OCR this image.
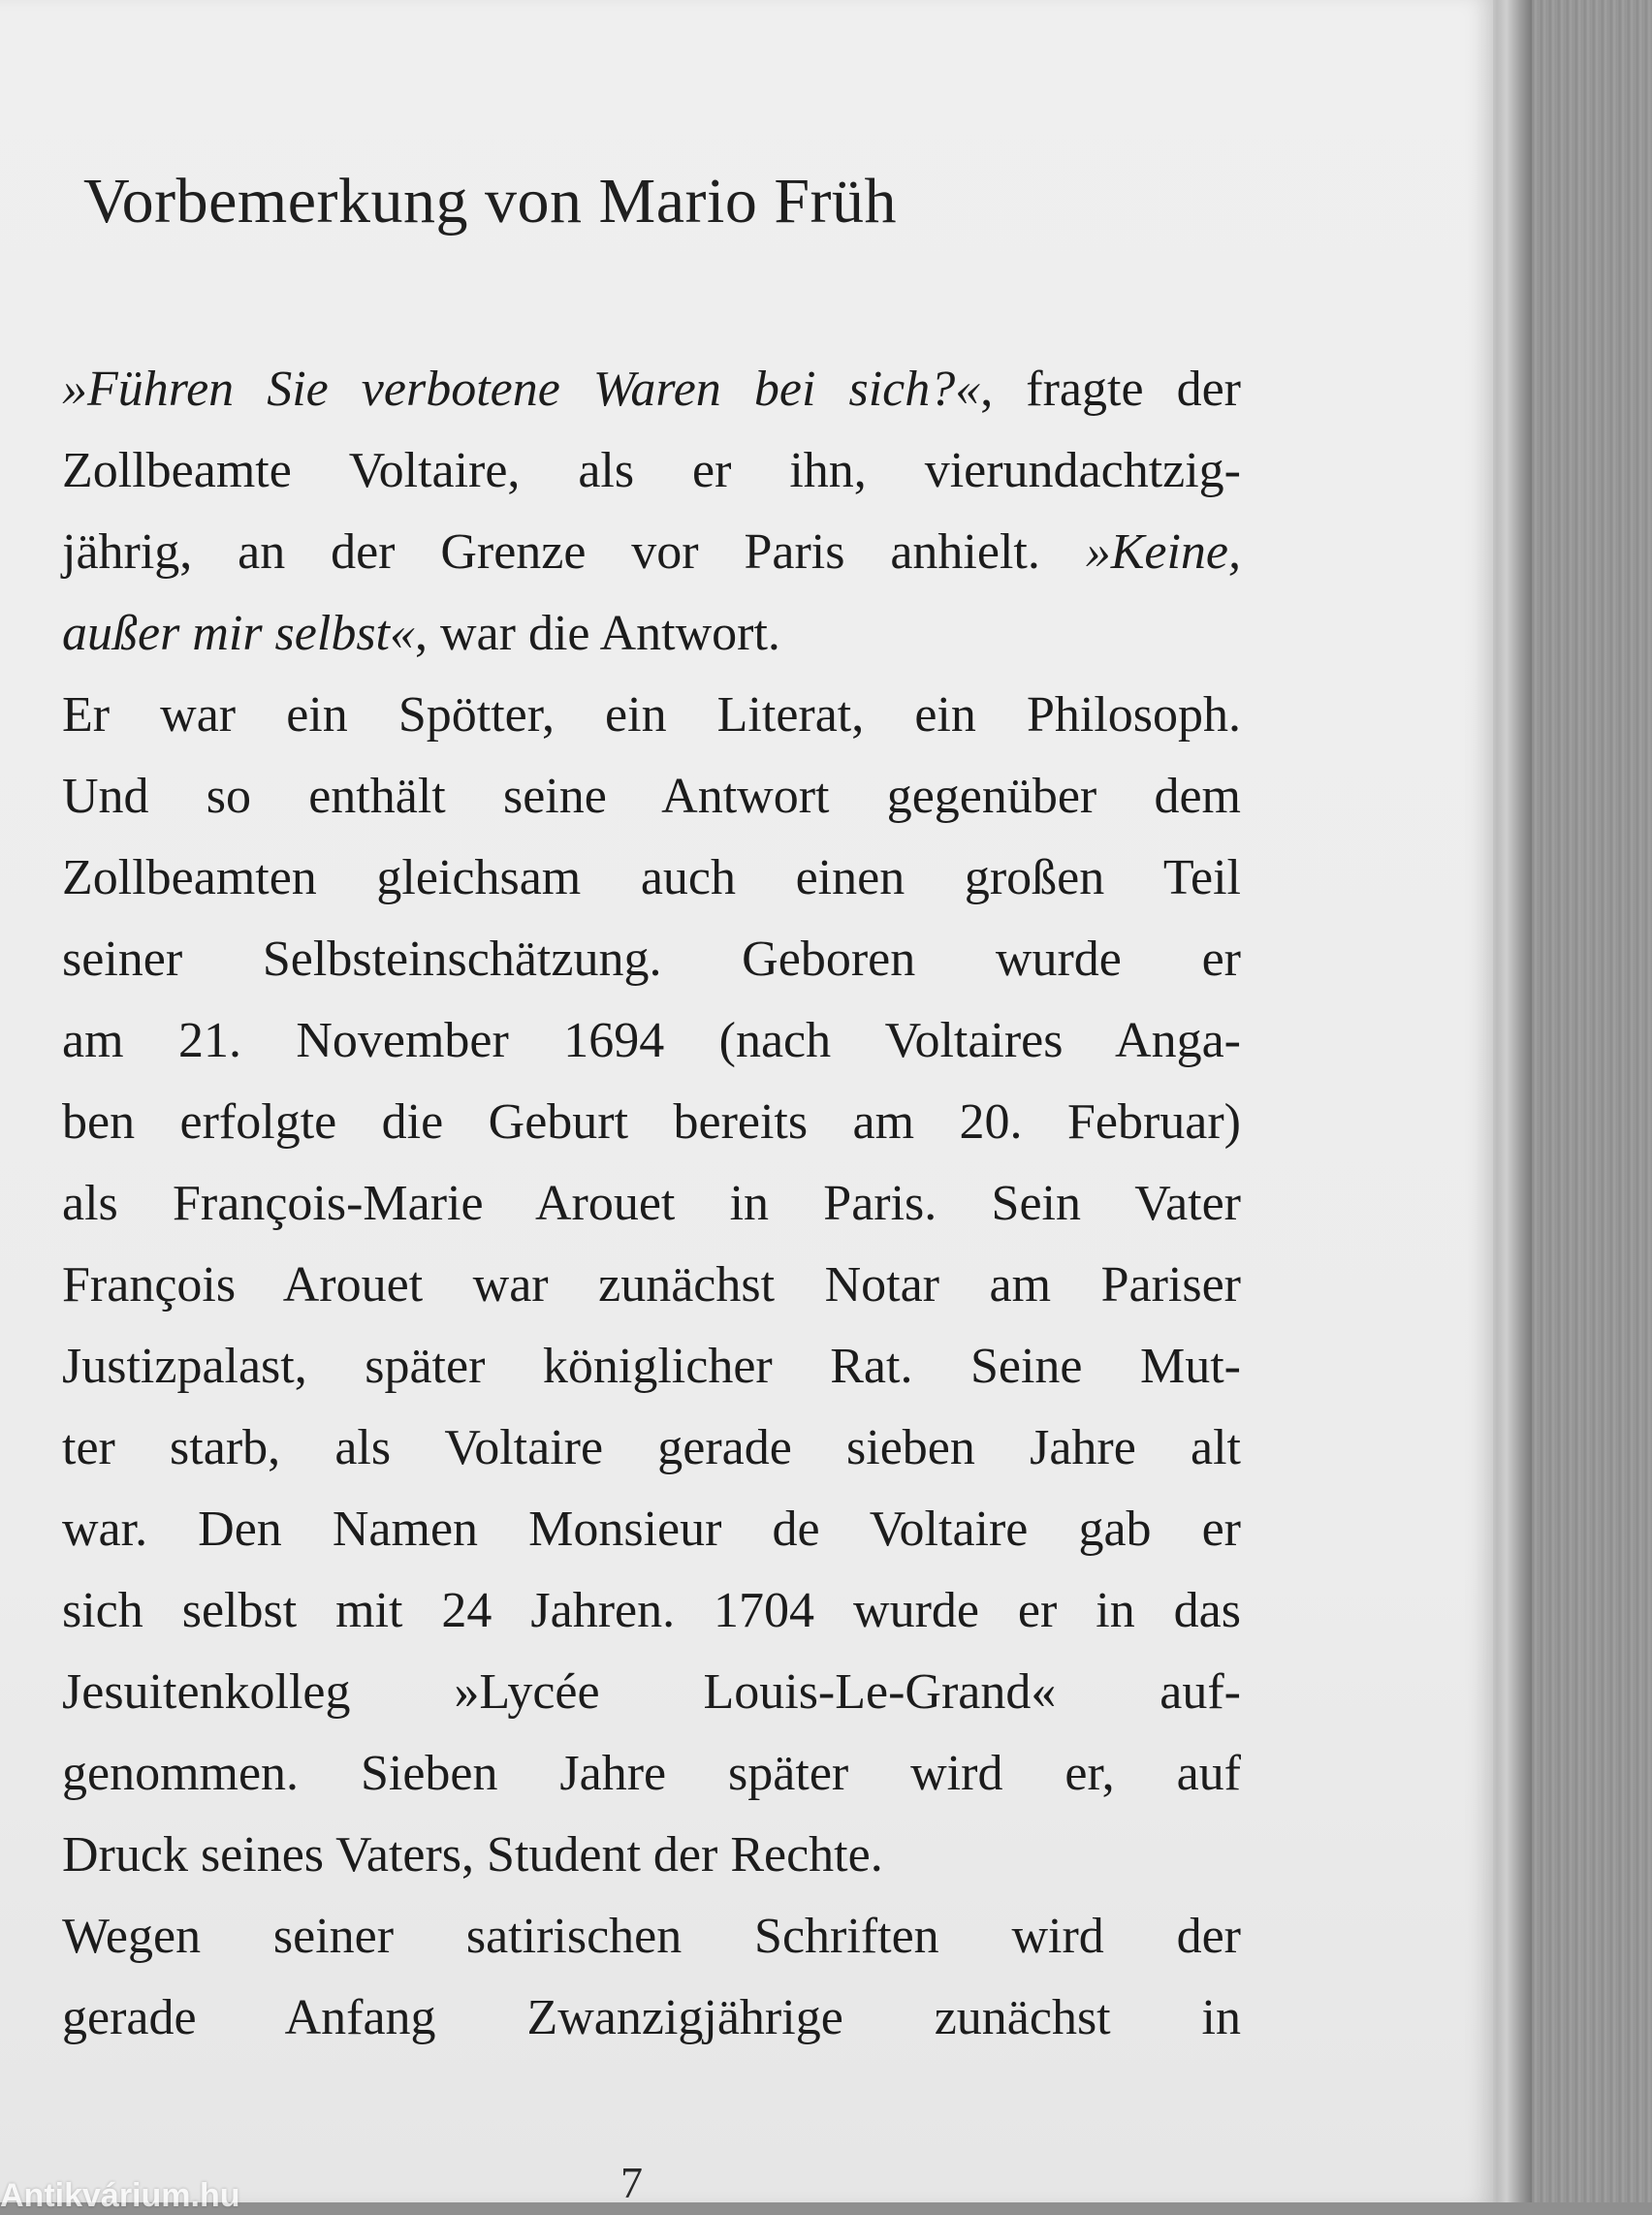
Vorbemerkung von Mario Früh
»Führen Sie verbotene Waren bei sich?«, fragte der
Zollbeamte Voltaire, als er ihn, vierundachtzig-
jährig, an der Grenze vor Paris anhielt. »Keine,
außer mir selbst«, war die Antwort.
Er war ein Spötter, ein Literat, ein Philosoph.
Und so enthält seine Antwort gegenüber dem
Zollbeamten gleichsam auch einen großen Teil
seiner Selbsteinschätzung. Geboren wurde er
am 21. November 1694 (nach Voltaires Anga-
ben erfolgte die Geburt bereits am 20. Februar)
als François-Marie Arouet in Paris. Sein Vater
François Arouet war zunächst Notar am Pariser
Justizpalast, später königlicher Rat. Seine Mut-
ter starb, als Voltaire gerade sieben Jahre alt
war. Den Namen Monsieur de Voltaire gab er
sich selbst mit 24 Jahren. 1704 wurde er in das
Jesuitenkolleg »Lycée Louis-Le-Grand« auf-
genommen. Sieben Jahre später wird er, auf
Druck seines Vaters, Student der Rechte.
Wegen seiner satirischen Schriften wird der
gerade Anfang Zwanzigjährige zunächst in
7
Antikvárium.hu
